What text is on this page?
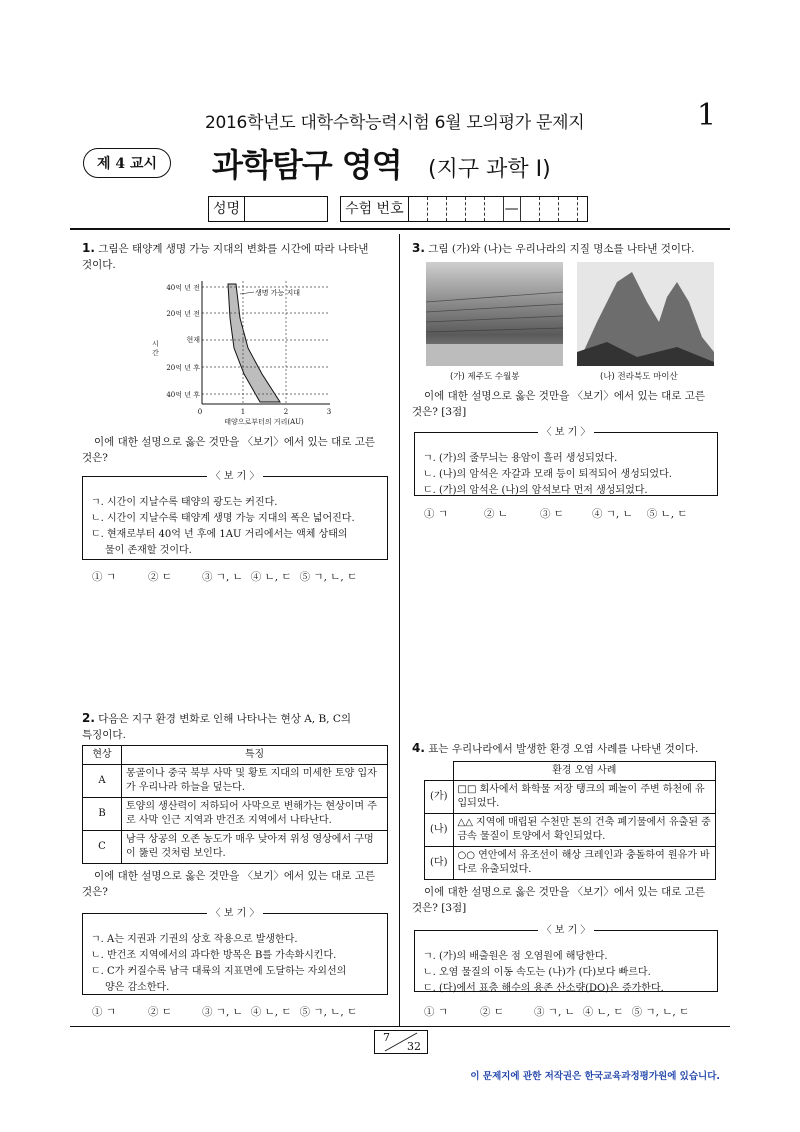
2016학년도 대학수학능력시험 6월 모의평가 문제지	1
제 4 교시	과학탐구 영역 (지구 과학 I)
성명	수험 번호	—
1. 그림은 태양계 생명 가능 지대의 변화를 시간에 따라 나타낸
것이다.
40억 년 전
20억 년 전
현재
20억 년 후
40억 년 후
시
간
0	1	2	3
태양으로부터의 거리(AU)
생명 가능 지대
이에 대한 설명으로 옳은 것만을 〈보기〉에서 있는 대로 고른
것은?
〈 보 기 〉
ㄱ. 시간이 지날수록 태양의 광도는 커진다.
ㄴ. 시간이 지날수록 태양계 생명 가능 지대의 폭은 넓어진다.
ㄷ. 현재로부터 40억 년 후에 1AU 거리에서는 액체 상태의
물이 존재할 것이다.
① ㄱ	② ㄷ	③ ㄱ, ㄴ ④ ㄴ, ㄷ ⑤ ㄱ, ㄴ, ㄷ
2. 다음은 지구 환경 변화로 인해 나타나는 현상 A, B, C의
특징이다.
현상	특징
A	몽골이나 중국 북부 사막 및 황토 지대의 미세한 토양 입자가 우리나라 하늘을 덮는다.
B	토양의 생산력이 저하되어 사막으로 변해가는 현상이며 주로 사막 인근 지역과 반건조 지역에서 나타난다.
C	남극 상공의 오존 농도가 매우 낮아져 위성 영상에서 구멍이 뚫린 것처럼 보인다.
이에 대한 설명으로 옳은 것만을 〈보기〉에서 있는 대로 고른
것은?
〈 보 기 〉
ㄱ. A는 지권과 기권의 상호 작용으로 발생한다.
ㄴ. 반건조 지역에서의 과다한 방목은 B를 가속화시킨다.
ㄷ. C가 커질수록 남극 대륙의 지표면에 도달하는 자외선의
양은 감소한다.
① ㄱ	② ㄷ	③ ㄱ, ㄴ ④ ㄴ, ㄷ ⑤ ㄱ, ㄴ, ㄷ
3. 그림 (가)와 (나)는 우리나라의 지질 명소를 나타낸 것이다.
(가) 제주도 수월봉	(나) 전라북도 마이산
이에 대한 설명으로 옳은 것만을 〈보기〉에서 있는 대로 고른
것은? [3점]
〈 보 기 〉
ㄱ. (가)의 줄무늬는 용암이 흘러 생성되었다.
ㄴ. (나)의 암석은 자갈과 모래 등이 퇴적되어 생성되었다.
ㄷ. (가)의 암석은 (나)의 암석보다 먼저 생성되었다.
① ㄱ	② ㄴ	③ ㄷ	④ ㄱ, ㄴ ⑤ ㄴ, ㄷ
4. 표는 우리나라에서 발생한 환경 오염 사례를 나타낸 것이다.
	환경 오염 사례
(가)	□□ 회사에서 화학물 저장 탱크의 폐놀이 주변 하천에 유입되었다.
(나)	△△ 지역에 매립된 수천만 톤의 건축 폐기물에서 유출된 중금속 물질이 토양에서 확인되었다.
(다)	○○ 연안에서 유조선이 해상 크레인과 충돌하여 원유가 바다로 유출되었다.
이에 대한 설명으로 옳은 것만을 〈보기〉에서 있는 대로 고른
것은? [3점]
〈 보 기 〉
ㄱ. (가)의 배출원은 점 오염원에 해당한다.
ㄴ. 오염 물질의 이동 속도는 (나)가 (다)보다 빠르다.
ㄷ. (다)에서 표층 해수의 용존 산소량(DO)은 증가한다.
① ㄱ	② ㄷ	③ ㄱ, ㄴ ④ ㄴ, ㄷ ⑤ ㄱ, ㄴ, ㄷ
7
32
이 문제지에 관한 저작권은 한국교육과정평가원에 있습니다.
